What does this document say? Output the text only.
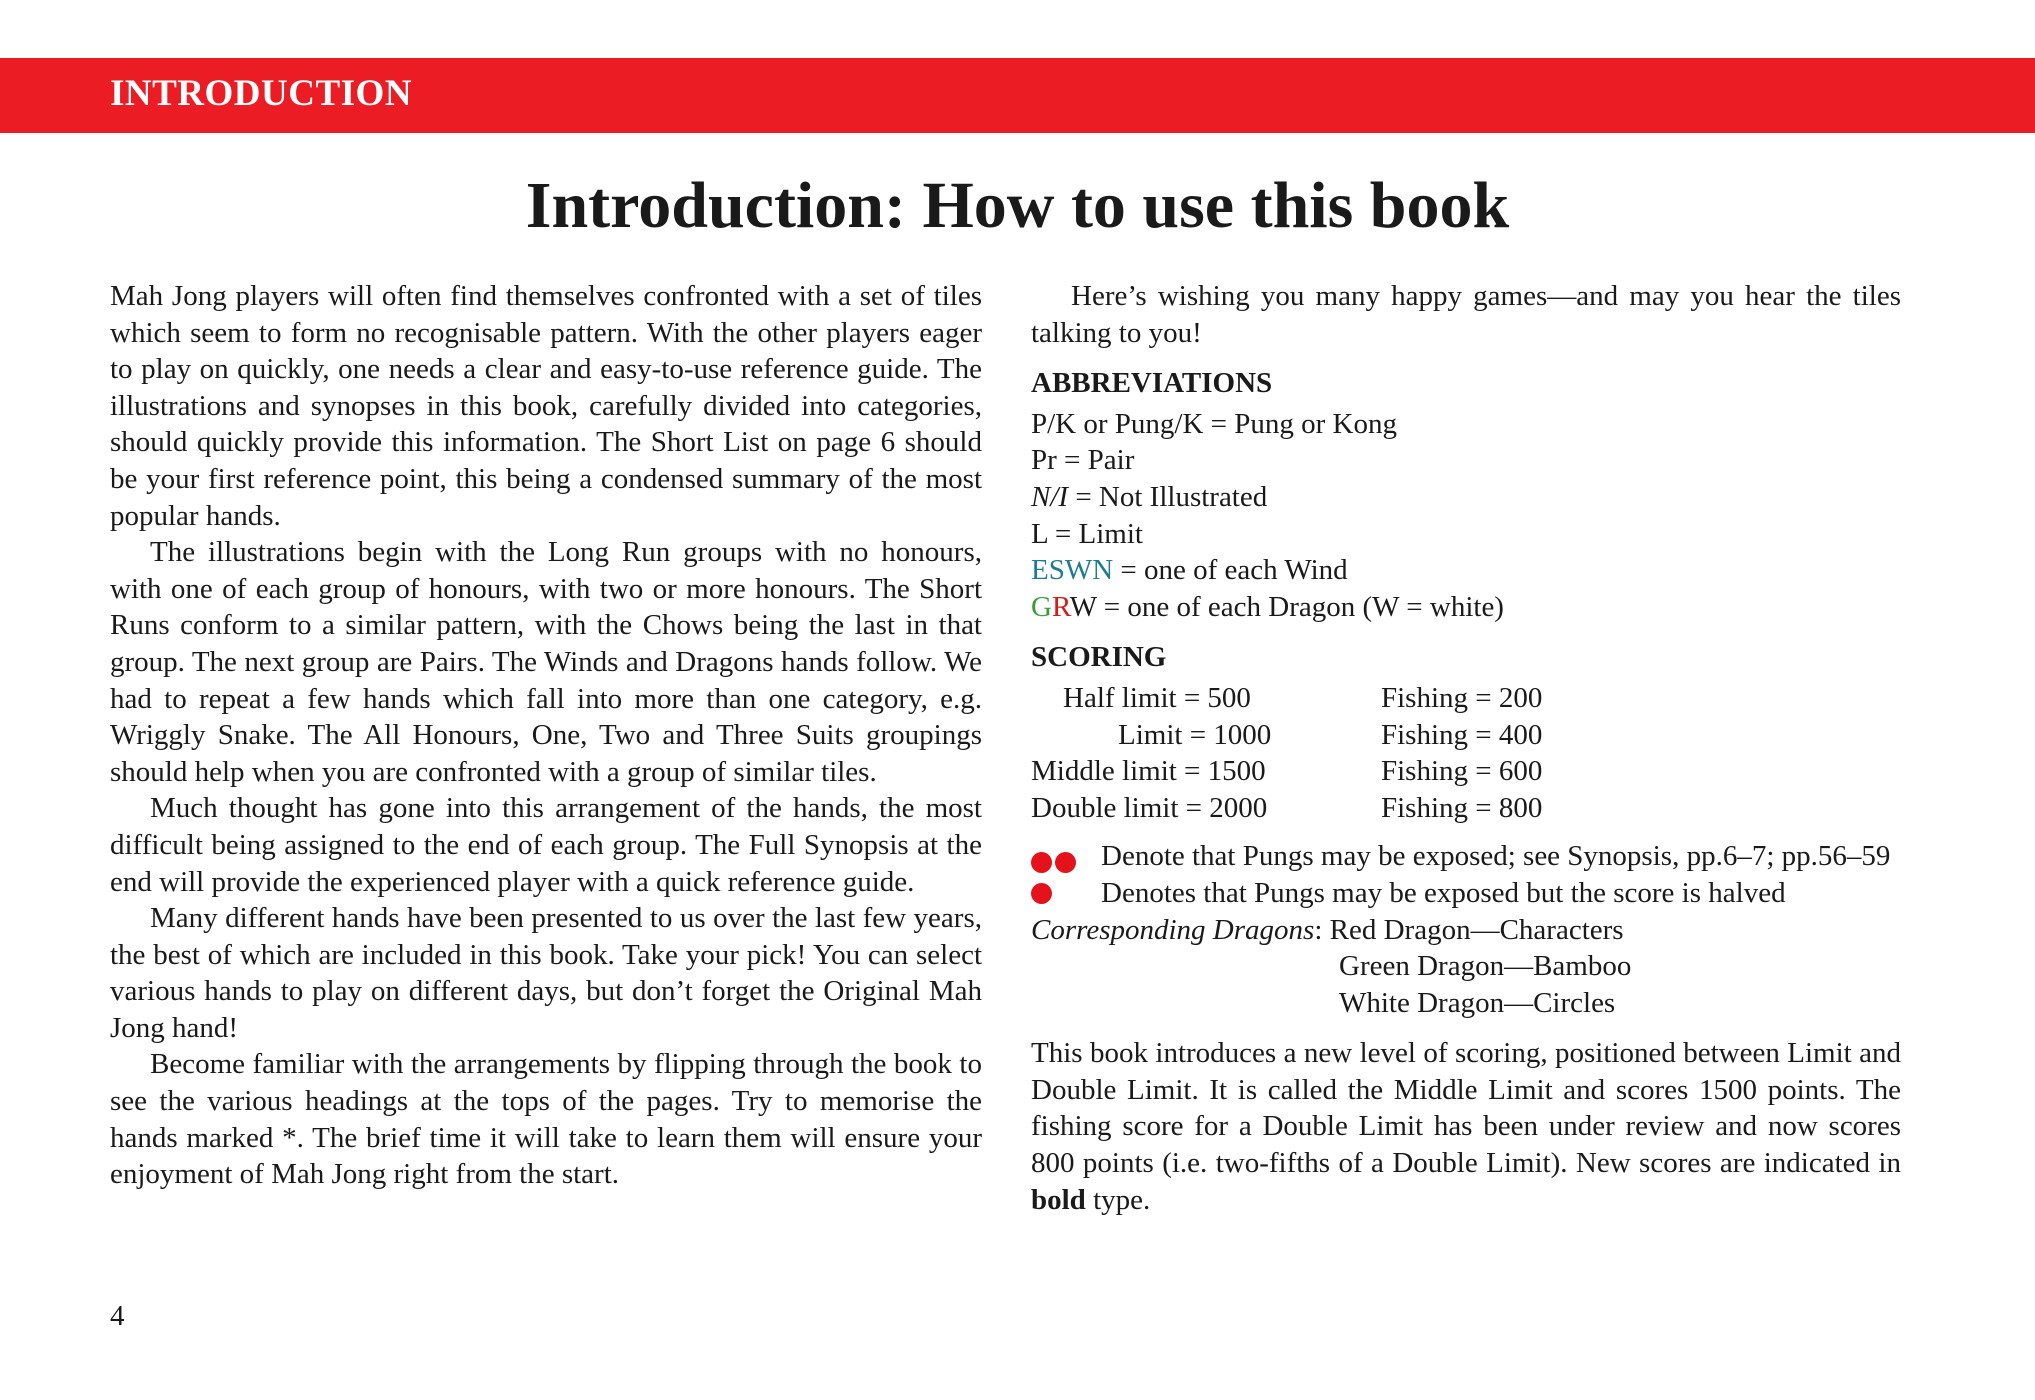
INTRODUCTION
Introduction: How to use this book

Mah Jong players will often find themselves confronted with a set of tiles which seem to form no recognisable pattern. With the other players eager to play on quickly, one needs a clear and easy-to-use reference guide. The illustrations and synopses in this book, carefully divided into categories, should quickly provide this information. The Short List on page 6 should be your first reference point, this being a condensed summary of the most popular hands.

The illustrations begin with the Long Run groups with no honours, with one of each group of honours, with two or more honours. The Short Runs conform to a similar pattern, with the Chows being the last in that group. The next group are Pairs. The Winds and Dragons hands follow. We had to repeat a few hands which fall into more than one category, e.g. Wriggly Snake. The All Honours, One, Two and Three Suits groupings should help when you are confronted with a group of similar tiles.

Much thought has gone into this arrangement of the hands, the most difficult being assigned to the end of each group. The Full Synopsis at the end will provide the experienced player with a quick reference guide.

Many different hands have been presented to us over the last few years, the best of which are included in this book. Take your pick! You can select various hands to play on different days, but don’t forget the Original Mah Jong hand!

Become familiar with the arrangements by flipping through the book to see the various headings at the tops of the pages. Try to memorise the hands marked *. The brief time it will take to learn them will ensure your enjoyment of Mah Jong right from the start.

Here’s wishing you many happy games—and may you hear the tiles talking to you!

ABBREVIATIONS
P/K or Pung/K = Pung or Kong
Pr = Pair
N/I = Not Illustrated
L = Limit
ESWN = one of each Wind
GRW = one of each Dragon (W = white)
SCORING
Half limit = 500	Fishing = 200
Limit = 1000	Fishing = 400
Middle limit = 1500	Fishing = 600
Double limit = 2000	Fishing = 800

Denote that Pungs may be exposed; see Synopsis, pp.6–7; pp.56–59

Denotes that Pungs may be exposed but the score is halved

Corresponding Dragons: Red Dragon—Characters
Green Dragon—Bamboo
White Dragon—Circles

This book introduces a new level of scoring, positioned between Limit and Double Limit. It is called the Middle Limit and scores 1500 points. The fishing score for a Double Limit has been under review and now scores 800 points (i.e. two-fifths of a Double Limit). New scores are indicated in bold type.

4
